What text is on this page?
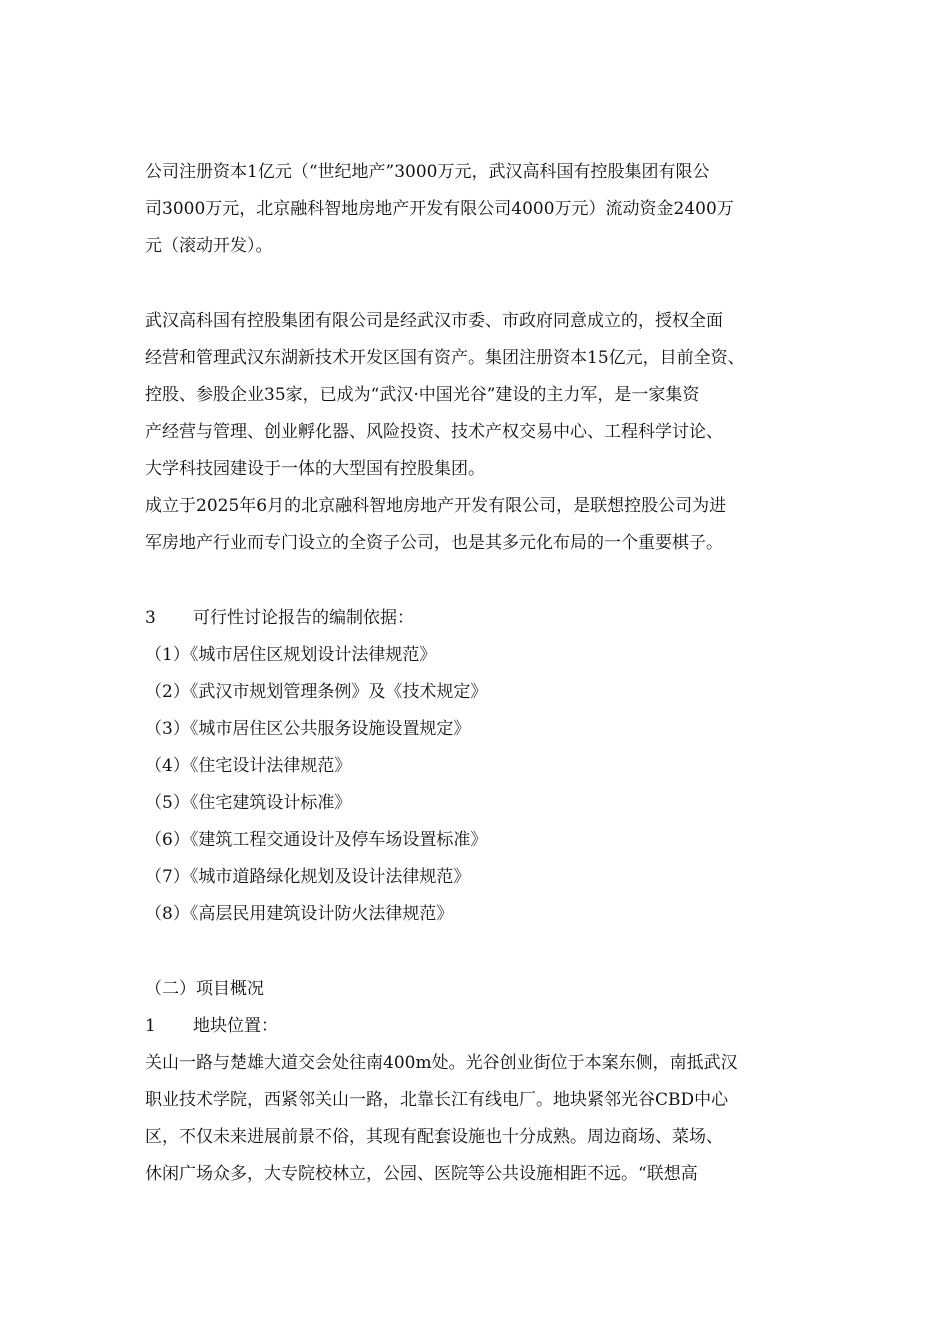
公司注册资本1亿元（“世纪地产”3000万元，武汉高科国有控股集团有限公
司3000万元，北京融科智地房地产开发有限公司4000万元）流动资金2400万
元（滚动开发）。
武汉高科国有控股集团有限公司是经武汉市委、市政府同意成立的，授权全面
经营和管理武汉东湖新技术开发区国有资产。集团注册资本15亿元，目前全资、
控股、参股企业35家，已成为“武汉·中国光谷”建设的主力军，是一家集资
产经营与管理、创业孵化器、风险投资、技术产权交易中心、工程科学讨论、
大学科技园建设于一体的大型国有控股集团。
成立于2025年6月的北京融科智地房地产开发有限公司，是联想控股公司为进
军房地产行业而专门设立的全资子公司，也是其多元化布局的一个重要棋子。
3 可行性讨论报告的编制依据：
（1）《城市居住区规划设计法律规范》
（2）《武汉市规划管理条例》及《技术规定》
（3）《城市居住区公共服务设施设置规定》
（4）《住宅设计法律规范》
（5）《住宅建筑设计标准》
（6）《建筑工程交通设计及停车场设置标准》
（7）《城市道路绿化规划及设计法律规范》
（8）《高层民用建筑设计防火法律规范》
（二）项目概况
1 地块位置：
关山一路与楚雄大道交会处往南400m处。光谷创业街位于本案东侧，南抵武汉
职业技术学院，西紧邻关山一路，北靠长江有线电厂。地块紧邻光谷CBD中心
区，不仅未来进展前景不俗，其现有配套设施也十分成熟。周边商场、菜场、
休闲广场众多，大专院校林立，公园、医院等公共设施相距不远。“联想高
